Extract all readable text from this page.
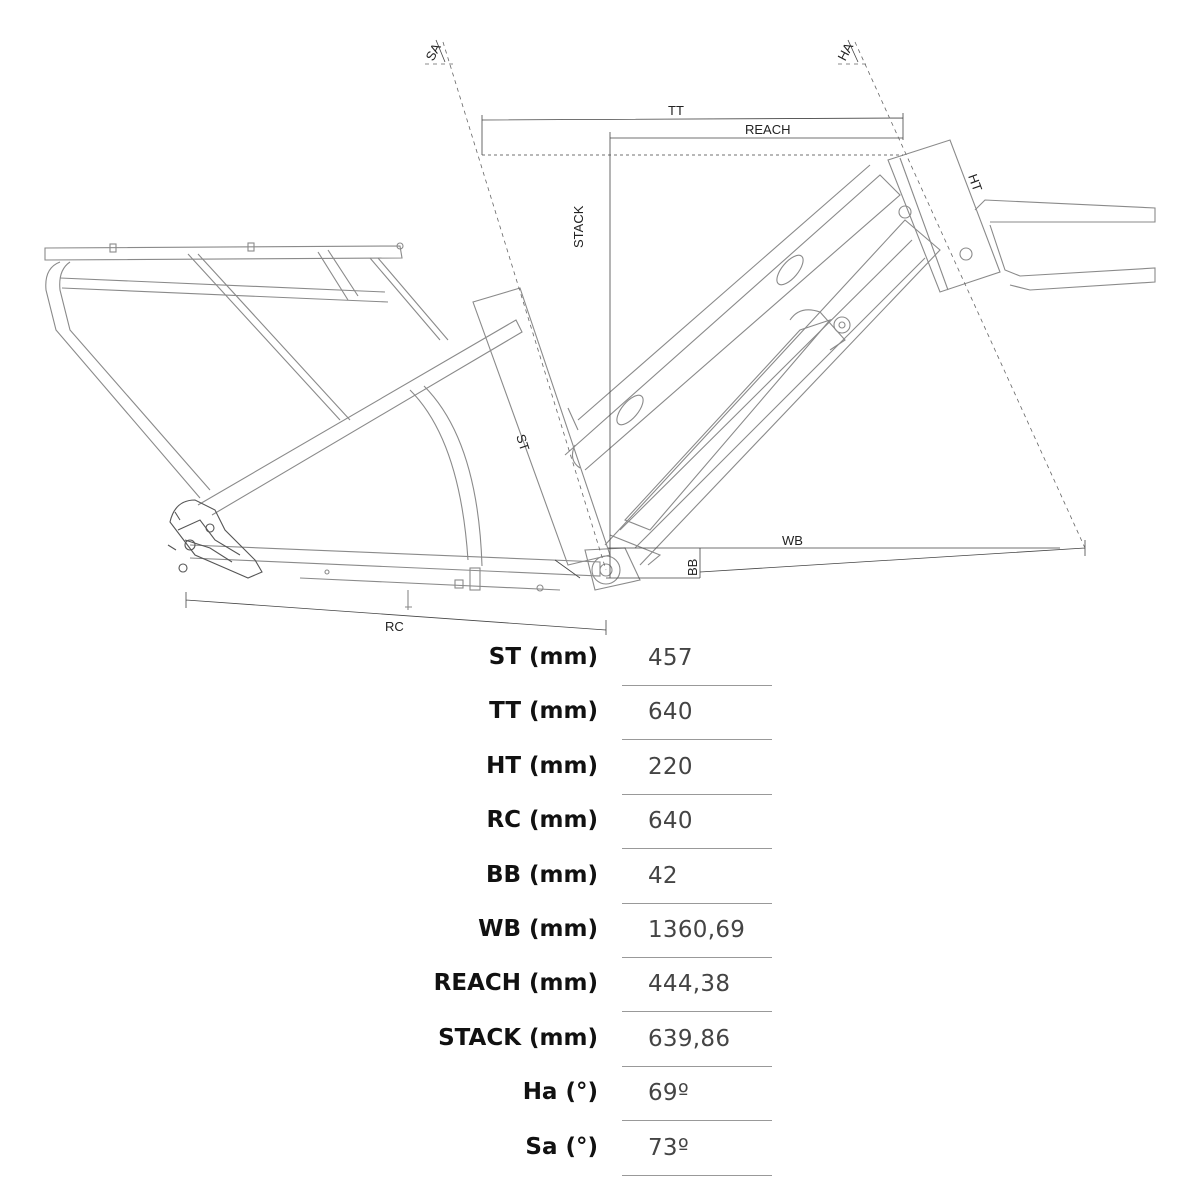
SA	HA
TT
REACH
STACK
HT
ST
WB
BB
RC
ST (mm) 457
TT (mm) 640
HT (mm) 220
RC (mm) 640
BB (mm) 42
WB (mm) 1360,69
REACH (mm) 444,38
STACK (mm) 639,86
Ha (°) 69º
Sa (°) 73º
